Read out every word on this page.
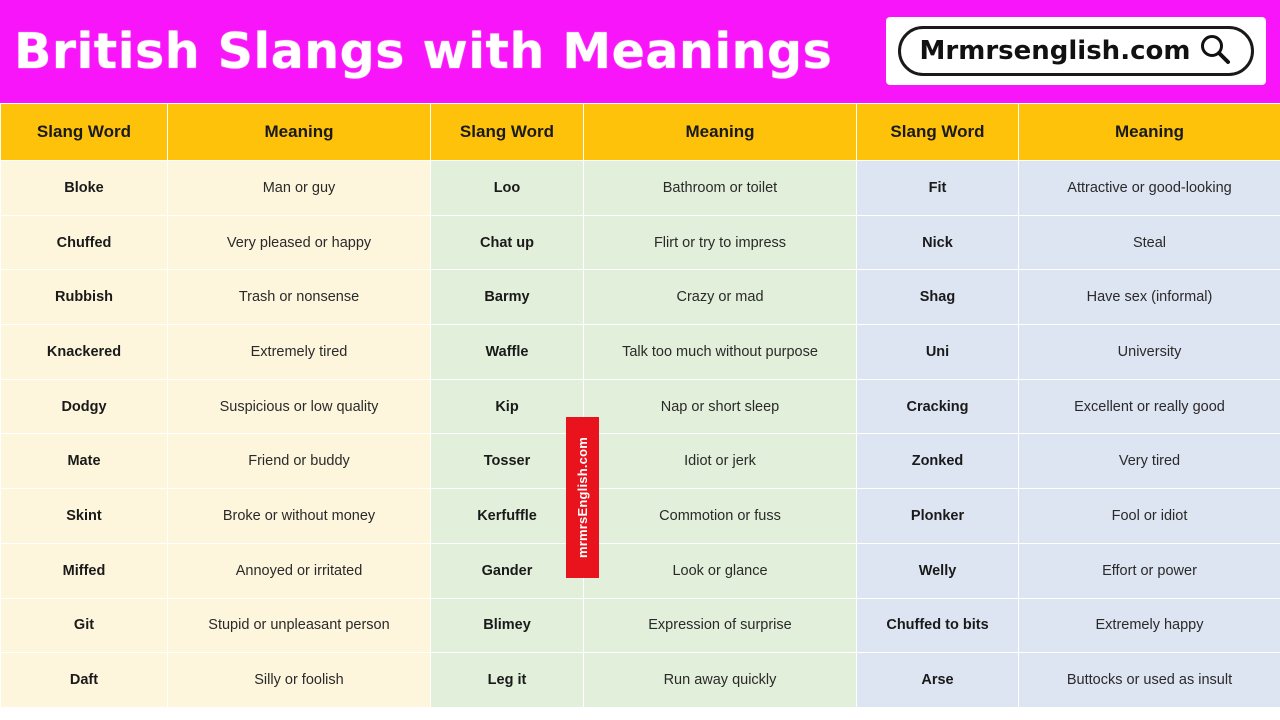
British Slangs with Meanings	Mrmrsenglish.com
Slang Word	Meaning	Slang Word	Meaning	Slang Word	Meaning
Bloke	Man or guy	Loo	Bathroom or toilet	Fit	Attractive or good-looking
Chuffed	Very pleased or happy	Chat up	Flirt or try to impress	Nick	Steal
Rubbish	Trash or nonsense	Barmy	Crazy or mad	Shag	Have sex (informal)
Knackered	Extremely tired	Waffle	Talk too much without purpose	Uni	University
Dodgy	Suspicious or low quality	Kip	Nap or short sleep	Cracking	Excellent or really good
Mate	Friend or buddy	Tosser	Idiot or jerk	Zonked	Very tired
Skint	Broke or without money	Kerfuffle	Commotion or fuss	Plonker	Fool or idiot
Miffed	Annoyed or irritated	Gander	Look or glance	Welly	Effort or power
Git	Stupid or unpleasant person	Blimey	Expression of surprise	Chuffed to bits	Extremely happy
Daft	Silly or foolish	Leg it	Run away quickly	Arse	Buttocks or used as insult
mrmrsEnglish.com
